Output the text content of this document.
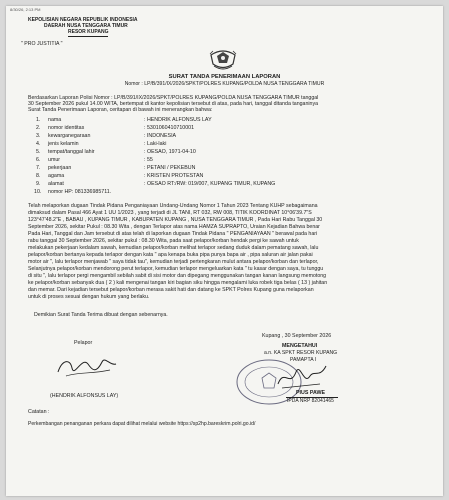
8/30/26, 2:13 PM
KEPOLISIAN NEGARA REPUBLIK INDONESIA
DAERAH NUSA TENGGARA TIMUR
RESOR KUPANG
" PRO JUSTITIA "
SURAT TANDA PENERIMAAN LAPORAN
Nomor : LP/B/391/IX/2026/SPKT/POLRES KUPANG/POLDA NUSA TENGGARA TIMUR
Berdasarkan Laporan Polisi Nomor : LP/B/391/IX/2026/SPKT/POLRES KUPANG/POLDA NUSA TENGGARA TIMUR tanggal
30 September 2026 pukul 14.00 WITA, bertempat di kantor kepolisian tersebut di atas, pada hari, tanggal ditanda tanganinya
Surat Tanda Penerimaan Laporan, ceritapan di bawah ini menerangkan bahwa:
1. nama	: HENDRIK ALFONSUS LAY
2. nomor identitas	: 5301060410710001
3. kewarganegaraan	: INDONESIA
4. jenis kelamin	: Laki-laki
5. tempat/tanggal lahir	: OESAO, 1971-04-10
6. umur	: 55
7. pekerjaan	: PETANI / PEKEBUN
8. agama	: KRISTEN PROTESTAN
9. alamat	: OESAO RT:/RW: 019/007, KUPANG TIMUR, KUPANG
10. nomor HP: 081336985711.
Telah melaporkan dugaan Tindak Pidana Penganiayaan Undang-Undang Nomor 1 Tahun 2023 Tentang KUHP sebagaimana
dimaksud dalam Pasal 466 Ayat 1 UU 1/2023 , yang terjadi di JL TANI, RT 032, RW 008, TITIK KOORDINAT 10°06'39.7"S
123°47'48.2"E , BABAU , KUPANG TIMUR , KABUPATEN KUPANG , NUSA TENGGARA TIMUR , Pada Hari Rabu Tanggal 30
September 2026, sekitar Pukul : 08.30 Wita , dengan Terlapor atas nama HAMZA SUPRAPTO, Uraian Kejadian Bahwa benar
Pada Hari, Tanggal dan Jam tersebut di atas telah di laporkan dugaan Tindak Pidana " PENGANIAYAAN " berawal pada hari
rabu tanggal 30 September 2026, sekitar pukul : 08.30 Wita, pada saat pelapor/korban hendak pergi ke sawah untuk
melakukan pekerjaan kedalam sawah, kemudian pelapor/korban melihat terlapor sedang duduk dalam pematang sawah, lalu
pelapor/korban bertanya kepada terlapor dengan kata " apa kenapa buka pipa punya bapa air , pipa saluran air jalan pakai
motor air ", lalu terlapor menjawab " saya tidak tau", kemudian terjadi pertengkaran mulut antara pelapor/korban dan terlapor,
Selanjutnya pelapor/korban mendorong perut terlapor, kemudian terlapor mengeluarkan kata " tu kasar dengan saya, tu tunggu
di situ ", lalu terlapor pergi mengambil sebilah sabit di sisi motor dan dipegang menggunakan tangan kanan langsung memotong
ke pelapor/korban sebanyak dua ( 2 ) kali mengenai tangan kiri bagian siku hingga mengalami luka robek tiga belas ( 13 ) jahitan
dan memar. Dari kejadian tersebut pelapor/korban merasa sakit hati dan datang ke SPKT Polres Kupang guna melaporkan
untuk di proses sesuai dengan hukum yang berlaku.
Demikian Surat Tanda Terima dibuat dengan sebenarnya.
Kupang , 30 September 2026
MENGETAHUI
a.n. KA SPKT RESOR KUPANG
PAMAPTA I
Pelapor
(HENDRIK ALFONSUS LAY)	PIUS PAWE
IPDA NRP 82041465
Catatan :
Perkembangan penanganan perkara dapat dilihat melalui website https://sp2hp.bareskrim.polri.go.id/
